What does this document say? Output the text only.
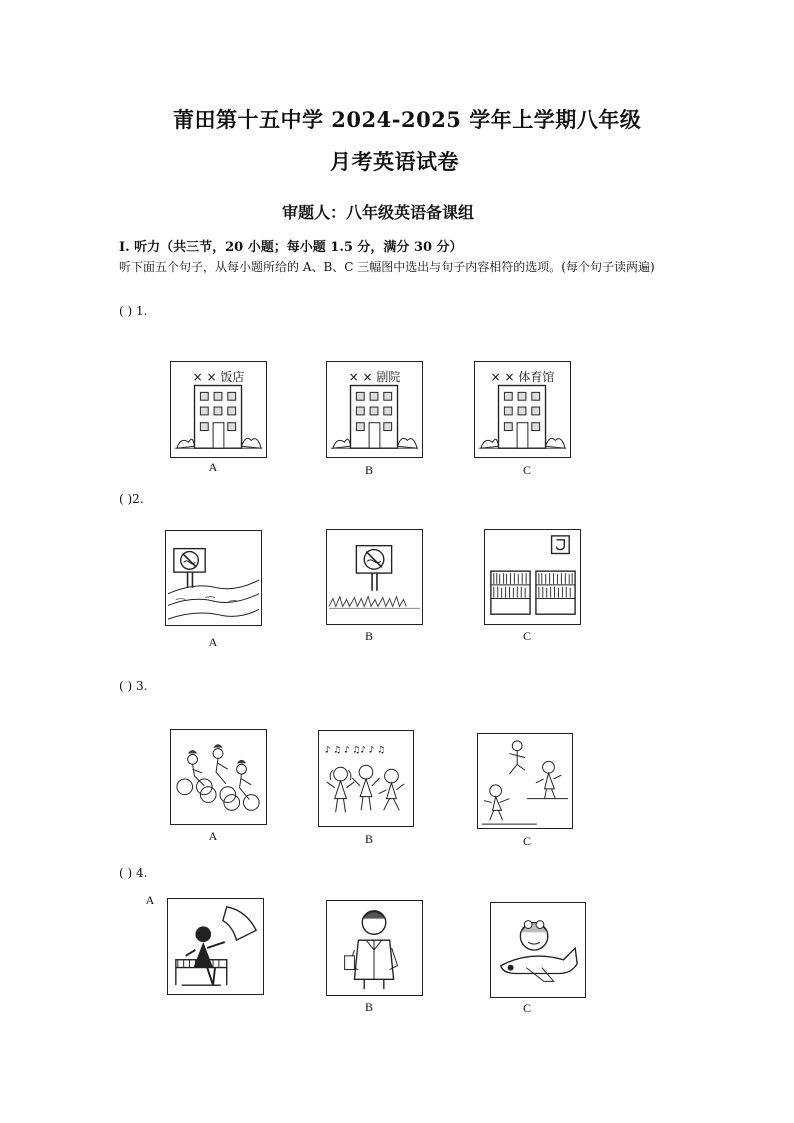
莆田第十五中学 2024-2025 学年上学期八年级
月考英语试卷
审题人：八年级英语备课组
I. 听力（共三节，20 小题；每小题 1.5 分，满分 30 分）
听下面五个句子，从每小题所给的 A、B、C 三幅图中选出与句子内容相符的选项。(每个句子读两遍)
( ) 1.
× × 饭店
A
× × 剧院
B
× × 体育馆
C
( )2.
A	B	C
( ) 3.
A
♪ ♫ ♪ ♫♪ ♪ ♫
B	C
( ) 4.
A
B	C
